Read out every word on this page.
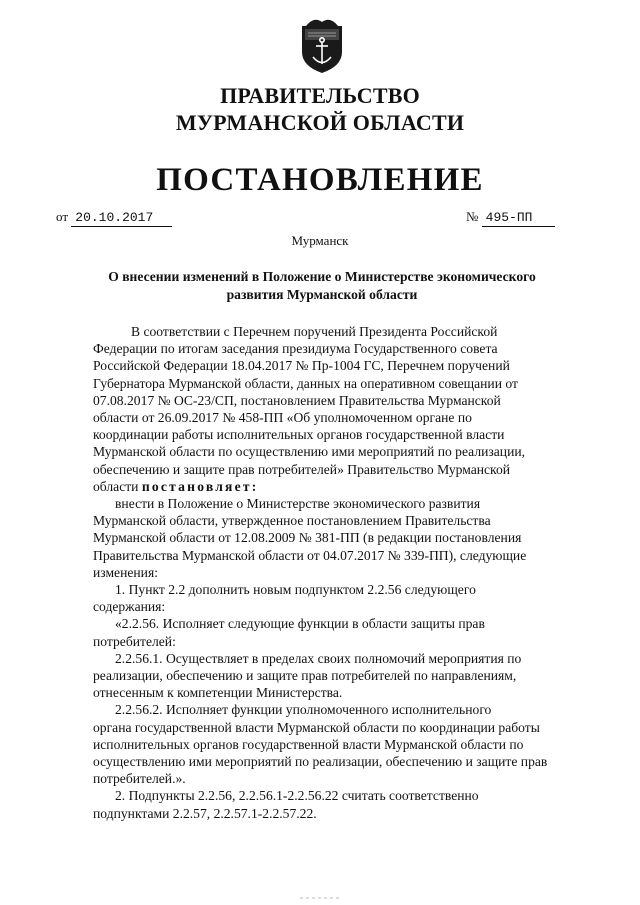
ПРАВИТЕЛЬСТВО
МУРМАНСКОЙ ОБЛАСТИ
ПОСТАНОВЛЕНИЕ
от 20.10.2017	№ 495-ПП
Мурманск
О внесении изменений в Положение о Министерстве экономического
развития Мурманской области

В соответствии с Перечнем поручений Президента Российской

Федерации по итогам заседания президиума Государственного совета

Российской Федерации 18.04.2017 № Пр-1004 ГС, Перечнем поручений

Губернатора Мурманской области, данных на оперативном совещании от

07.08.2017 № ОС-23/СП, постановлением Правительства Мурманской

области от 26.09.2017 № 458-ПП «Об уполномоченном органе по

координации работы исполнительных органов государственной власти

Мурманской области по осуществлению ими мероприятий по реализации,

обеспечению и защите прав потребителей» Правительство Мурманской

области постановляет:

внести в Положение о Министерстве экономического развития

Мурманской области, утвержденное постановлением Правительства

Мурманской области от 12.08.2009 № 381-ПП (в редакции постановления

Правительства Мурманской области от 04.07.2017 № 339-ПП), следующие

изменения:

1. Пункт 2.2 дополнить новым подпунктом 2.2.56 следующего

содержания:

«2.2.56. Исполняет следующие функции в области защиты прав

потребителей:

2.2.56.1. Осуществляет в пределах своих полномочий мероприятия по

реализации, обеспечению и защите прав потребителей по направлениям,

отнесенным к компетенции Министерства.

2.2.56.2. Исполняет функции уполномоченного исполнительного

органа государственной власти Мурманской области по координации работы

исполнительных органов государственной власти Мурманской области по

осуществлению ими мероприятий по реализации, обеспечению и защите прав

потребителей.».

2. Подпункты 2.2.56, 2.2.56.1-2.2.56.22 считать соответственно

подпунктами 2.2.57, 2.2.57.1-2.2.57.22.
